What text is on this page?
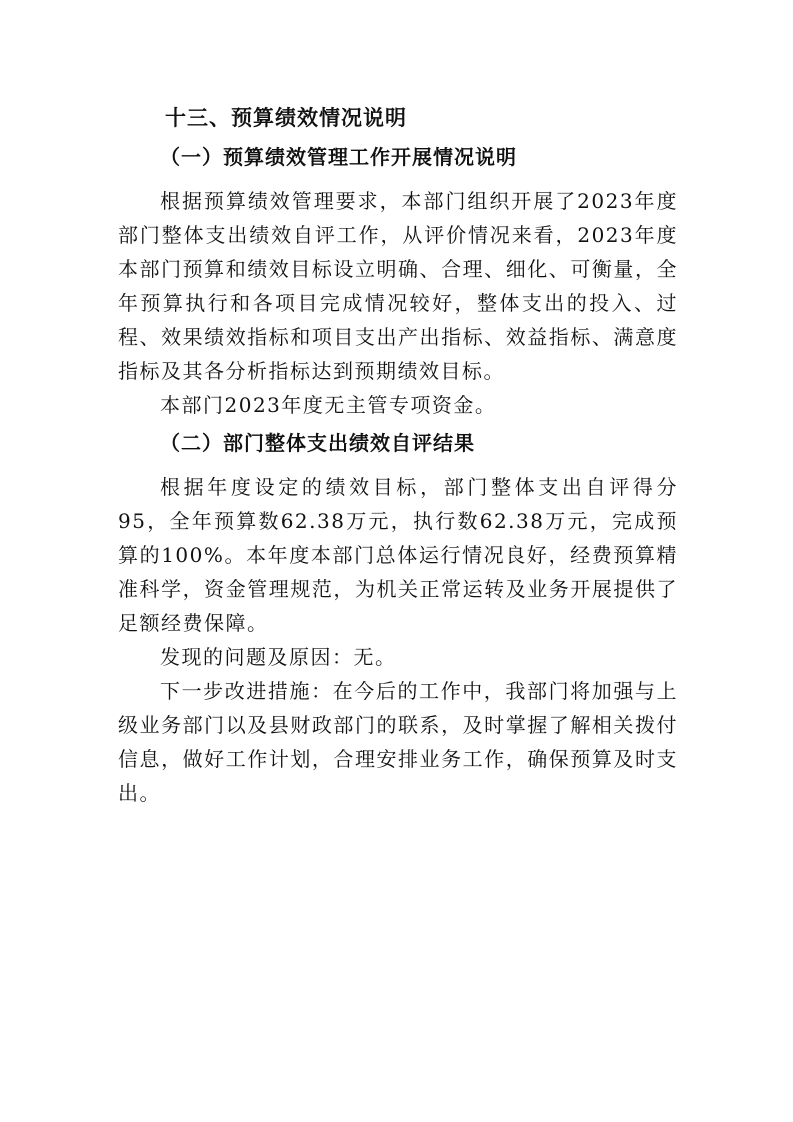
十三、预算绩效情况说明
（一）预算绩效管理工作开展情况说明

根据预算绩效管理要求，本部门组织开展了2023年度部门整体支出绩效自评工作，从评价情况来看，2023年度本部门预算和绩效目标设立明确、合理、细化、可衡量，全年预算执行和各项目完成情况较好，整体支出的投入、过程、效果绩效指标和项目支出产出指标、效益指标、满意度指标及其各分析指标达到预期绩效目标。

本部门2023年度无主管专项资金。

（二）部门整体支出绩效自评结果

根据年度设定的绩效目标，部门整体支出自评得分95，全年预算数62.38万元，执行数62.38万元，完成预算的100%。本年度本部门总体运行情况良好，经费预算精准科学，资金管理规范，为机关正常运转及业务开展提供了足额经费保障。

发现的问题及原因：无。

下一步改进措施：在今后的工作中，我部门将加强与上级业务部门以及县财政部门的联系，及时掌握了解相关拨付信息，做好工作计划，合理安排业务工作，确保预算及时支出。
